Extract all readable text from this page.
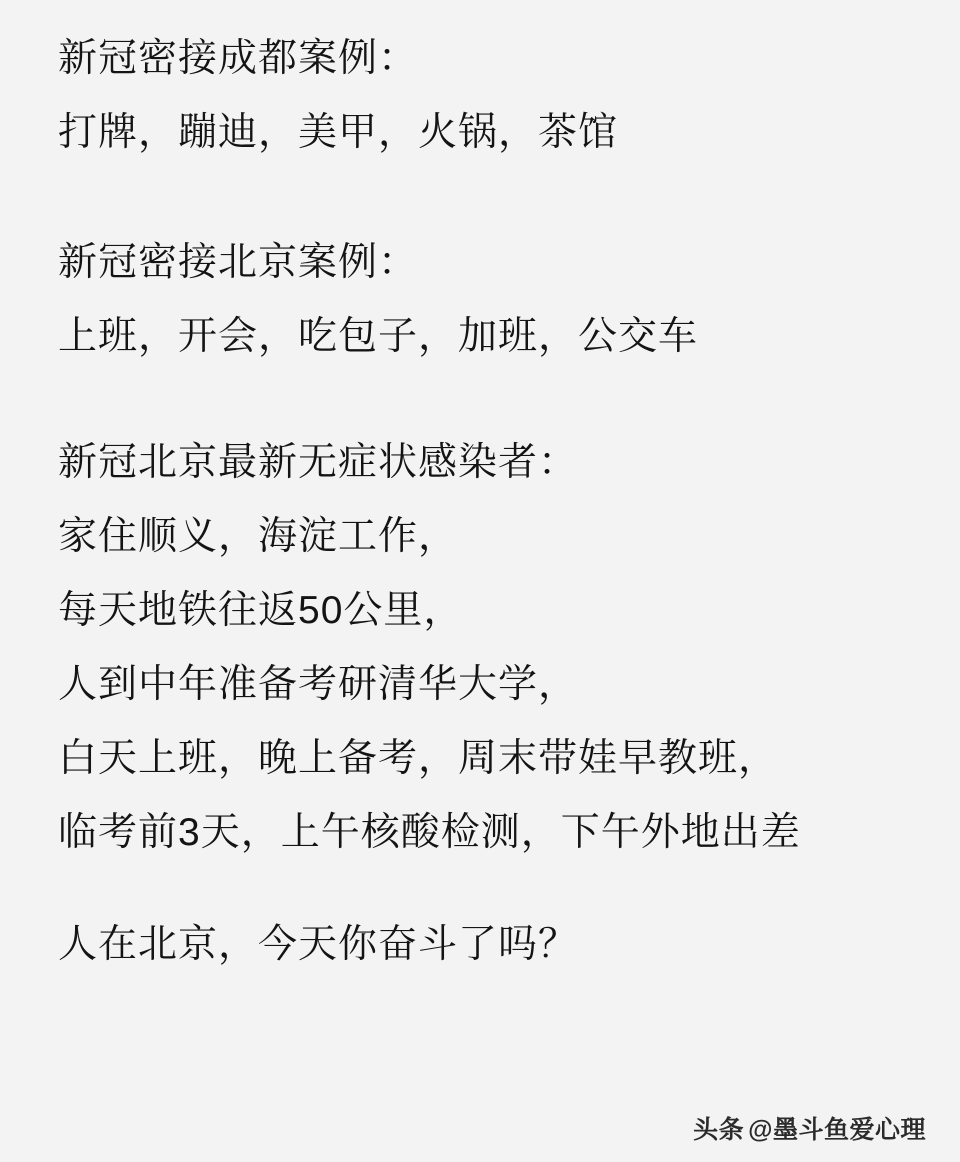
新冠密接成都案例：
打牌，蹦迪，美甲，火锅，茶馆
新冠密接北京案例：
上班，开会，吃包子，加班，公交车
新冠北京最新无症状感染者：
家住顺义，海淀工作，
每天地铁往返50公里，
人到中年准备考研清华大学，
白天上班，晚上备考，周末带娃早教班，
临考前3天，上午核酸检测，下午外地出差
人在北京，今天你奋斗了吗？
头条 @墨斗鱼爱心理
